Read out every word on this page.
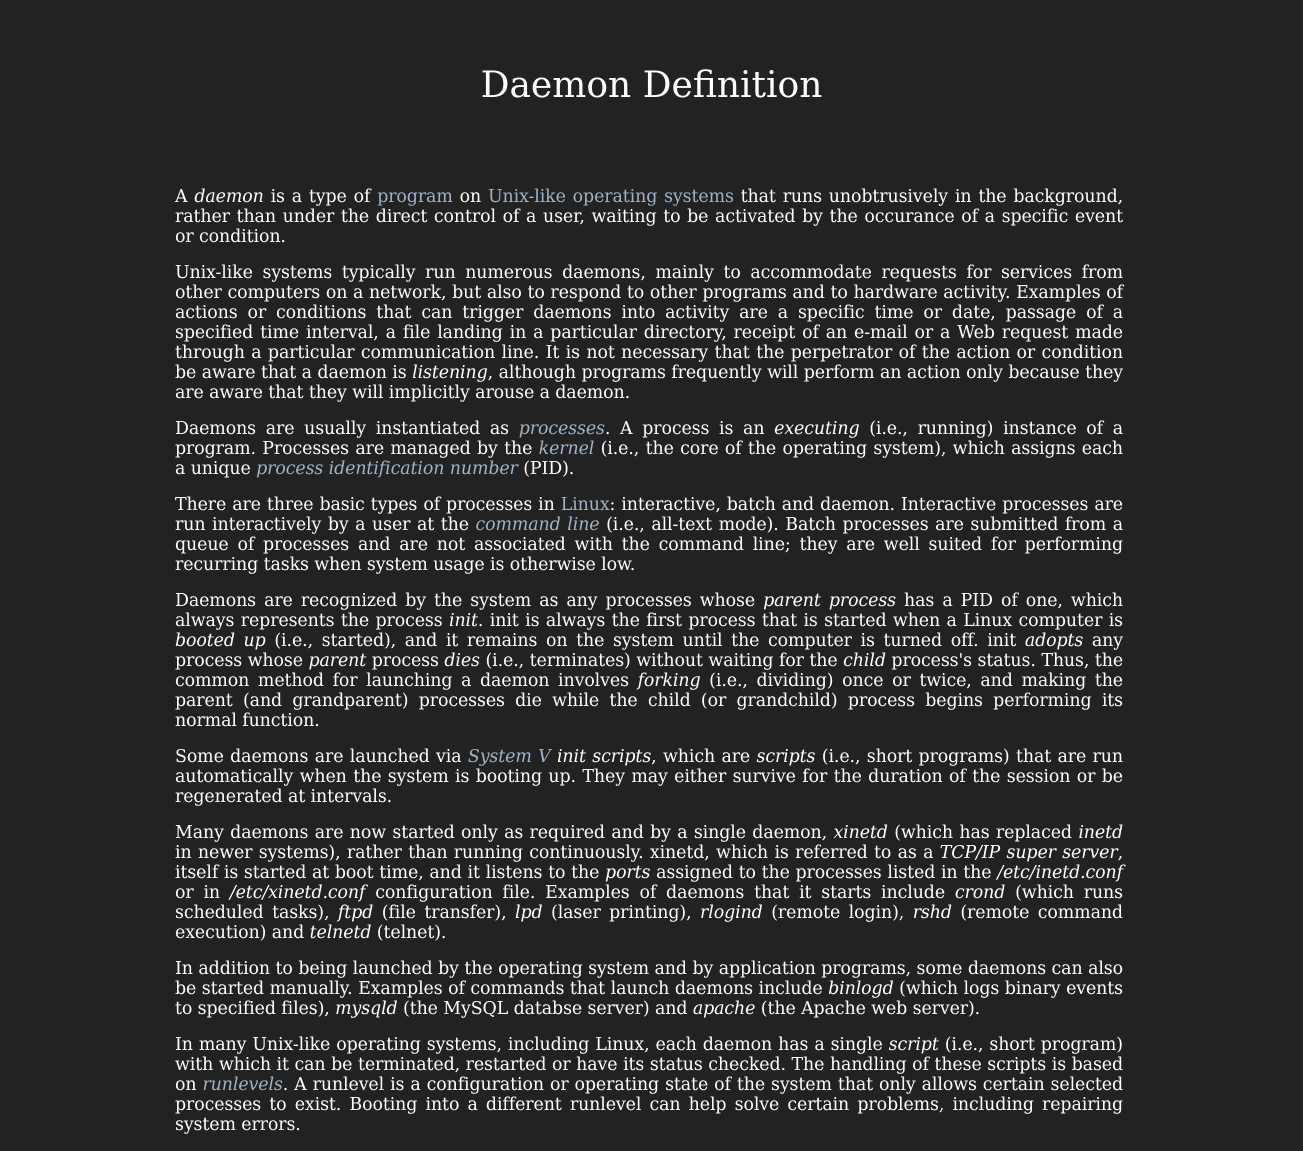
Daemon Definition

A daemon is a type of program on Unix-like operating systems that runs unobtrusively in the background, rather than under the direct control of a user, waiting to be activated by the occurance of a specific event or condition.

Unix-like systems typically run numerous daemons, mainly to accommodate requests for services from other computers on a network, but also to respond to other programs and to hardware activity. Examples of actions or conditions that can trigger daemons into activity are a specific time or date, passage of a specified time interval, a file landing in a particular directory, receipt of an e-mail or a Web request made through a particular communication line. It is not necessary that the perpetrator of the action or condition be aware that a daemon is listening, although programs frequently will perform an action only because they are aware that they will implicitly arouse a daemon.

Daemons are usually instantiated as processes. A process is an executing (i.e., running) instance of a program. Processes are managed by the kernel (i.e., the core of the operating system), which assigns each a unique process identification number (PID).

There are three basic types of processes in Linux: interactive, batch and daemon. Interactive processes are run interactively by a user at the command line (i.e., all-text mode). Batch processes are submitted from a queue of processes and are not associated with the command line; they are well suited for performing recurring tasks when system usage is otherwise low.

Daemons are recognized by the system as any processes whose parent process has a PID of one, which always represents the process init. init is always the first process that is started when a Linux computer is booted up (i.e., started), and it remains on the system until the computer is turned off. init adopts any process whose parent process dies (i.e., terminates) without waiting for the child process's status. Thus, the common method for launching a daemon involves forking (i.e., dividing) once or twice, and making the parent (and grandparent) processes die while the child (or grandchild) process begins performing its normal function.

Some daemons are launched via System V init scripts, which are scripts (i.e., short programs) that are run automatically when the system is booting up. They may either survive for the duration of the session or be regenerated at intervals.

Many daemons are now started only as required and by a single daemon, xinetd (which has replaced inetd in newer systems), rather than running continuously. xinetd, which is referred to as a TCP/IP super server, itself is started at boot time, and it listens to the ports assigned to the processes listed in the /etc/inetd.conf or in /etc/xinetd.conf configuration file. Examples of daemons that it starts include crond (which runs scheduled tasks), ftpd (file transfer), lpd (laser printing), rlogind (remote login), rshd (remote command execution) and telnetd (telnet).

In addition to being launched by the operating system and by application programs, some daemons can also be started manually. Examples of commands that launch daemons include binlogd (which logs binary events to specified files), mysqld (the MySQL databse server) and apache (the Apache web server).

In many Unix-like operating systems, including Linux, each daemon has a single script (i.e., short program) with which it can be terminated, restarted or have its status checked. The handling of these scripts is based on runlevels. A runlevel is a configuration or operating state of the system that only allows certain selected processes to exist. Booting into a different runlevel can help solve certain problems, including repairing system errors.
